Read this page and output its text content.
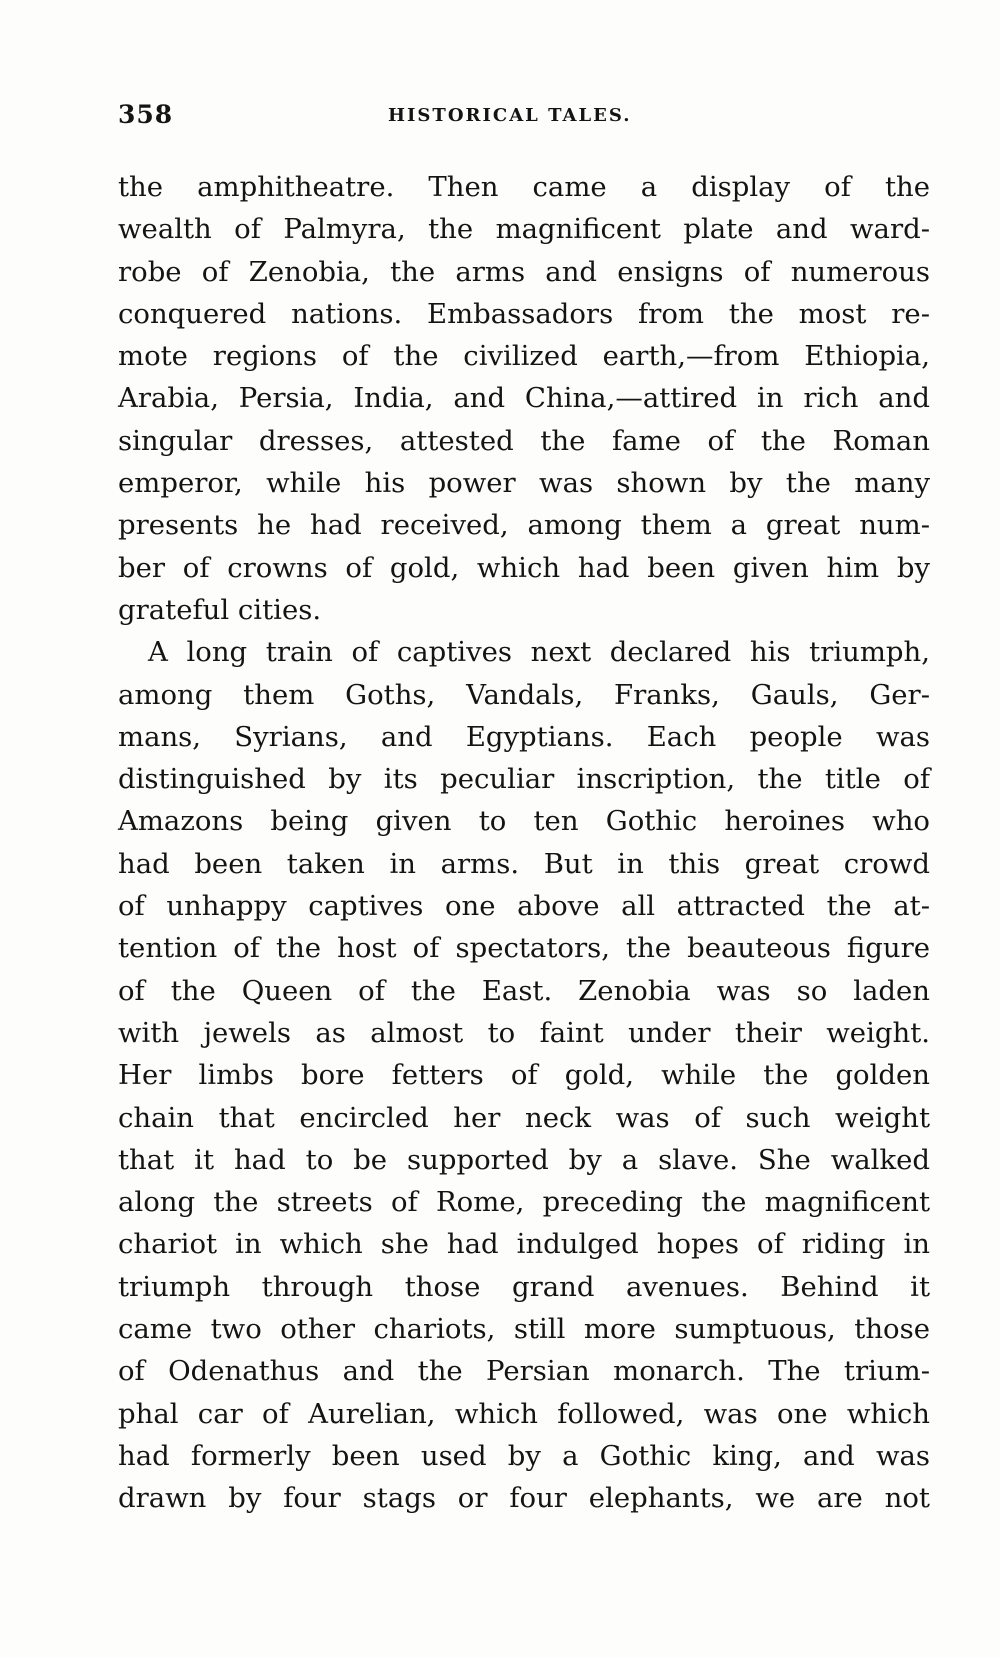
358	HISTORICAL TALES.
the amphitheatre. Then came a display of the
wealth of Palmyra, the magnificent plate and ward-
robe of Zenobia, the arms and ensigns of numerous
conquered nations. Embassadors from the most re-
mote regions of the civilized earth,—from Ethiopia,
Arabia, Persia, India, and China,—attired in rich and
singular dresses, attested the fame of the Roman
emperor, while his power was shown by the many
presents he had received, among them a great num-
ber of crowns of gold, which had been given him by
grateful cities.
A long train of captives next declared his triumph,
among them Goths, Vandals, Franks, Gauls, Ger-
mans, Syrians, and Egyptians. Each people was
distinguished by its peculiar inscription, the title of
Amazons being given to ten Gothic heroines who
had been taken in arms. But in this great crowd
of unhappy captives one above all attracted the at-
tention of the host of spectators, the beauteous figure
of the Queen of the East. Zenobia was so laden
with jewels as almost to faint under their weight.
Her limbs bore fetters of gold, while the golden
chain that encircled her neck was of such weight
that it had to be supported by a slave. She walked
along the streets of Rome, preceding the magnificent
chariot in which she had indulged hopes of riding in
triumph through those grand avenues. Behind it
came two other chariots, still more sumptuous, those
of Odenathus and the Persian monarch. The trium-
phal car of Aurelian, which followed, was one which
had formerly been used by a Gothic king, and was
drawn by four stags or four elephants, we are not
